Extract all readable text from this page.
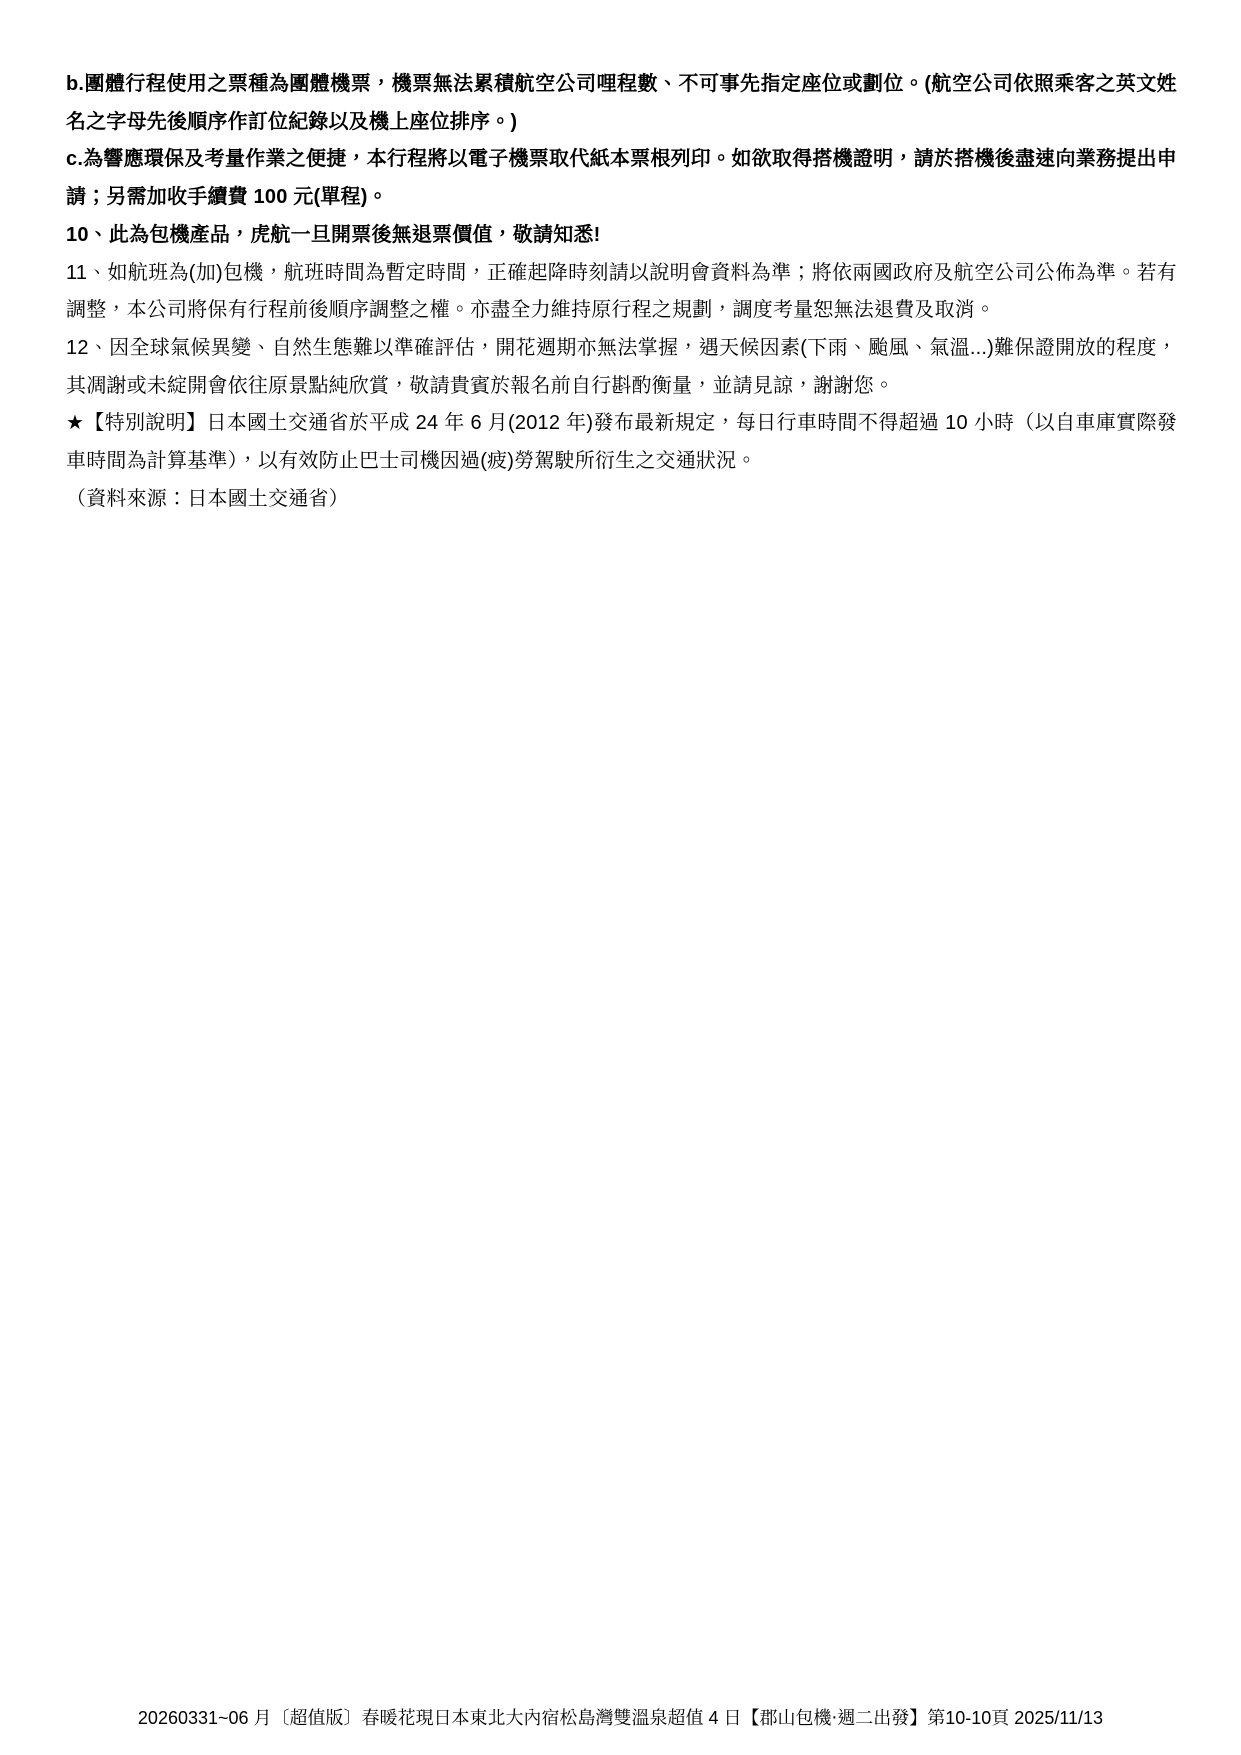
b.團體行程使用之票種為團體機票，機票無法累積航空公司哩程數、不可事先指定座位或劃位。(航空公司依照乘客之英文姓名之字母先後順序作訂位紀錄以及機上座位排序。)

c.為響應環保及考量作業之便捷，本行程將以電子機票取代紙本票根列印。如欲取得搭機證明，請於搭機後盡速向業務提出申請；另需加收手續費 100 元(單程)。

10、此為包機產品，虎航一旦開票後無退票價值，敬請知悉!

11、如航班為(加)包機，航班時間為暫定時間，正確起降時刻請以說明會資料為準；將依兩國政府及航空公司公佈為準。若有調整，本公司將保有行程前後順序調整之權。亦盡全力維持原行程之規劃，調度考量恕無法退費及取消。

12、因全球氣候異變、自然生態難以準確評估，開花週期亦無法掌握，遇天候因素(下雨、颱風、氣溫...)難保證開放的程度，其凋謝或未綻開會依往原景點純欣賞，敬請貴賓於報名前自行斟酌衡量，並請見諒，謝謝您。

★【特別說明】日本國土交通省於平成 24 年 6 月(2012 年)發布最新規定，每日行車時間不得超過 10 小時（以自車庫實際發車時間為計算基準），以有效防止巴士司機因過(疲)勞駕駛所衍生之交通狀況。

（資料來源：日本國土交通省）

20260331~06 月〔超值版〕春暖花現日本東北大內宿松島灣雙溫泉超值 4 日【郡山包機‧週二出發】第10-10頁 2025/11/13
